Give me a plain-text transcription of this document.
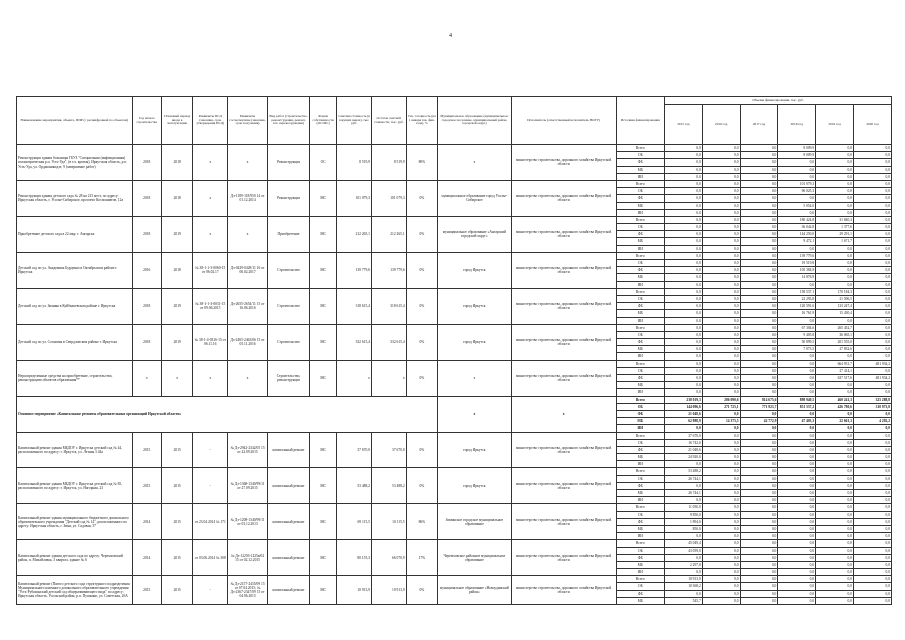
4
Наименование мероприятия, объекта, ПИР (с расшифровкой по объектам)	Год начала строительства	Плановый период ввода в эксплуатацию	Реквизиты ПСД (заказчик, срок утверждения ПСД)	Реквизиты госэкспертизы (заказчик, срок получения)	Вид работ (строительство, реконструкция, ремонт, тех. перевооружение)	Форма собственности (ОС/МС)	Сметная стоимость (в текущих ценах), тыс. руб.	Остаток сметной стоимости, тыс. руб.	Тех. готовность (на 1 января тек. фин. года), %	Муниципальное образование (муниципальное/городское поселение, муниципальный район, городской округ)	Исполнитель (ответственный исполнитель НОГУ)	Источник финансирования	Объемы финансирования, тыс. руб.					
													2015 год	2016 год	2017 год	2018 год	2019 год	2020 год
Реконструкция здания больницы ГБУЗ "Специальная (инфекционная) психиатрическая р.п. Усть-Уда", (в т.ч. кровля), Иркутская область, р.п. Усть-Уда, ул. Орджоникидзе, 9 (завершение работ)	2018	2018	x	x	Реконструкция	ОС	8 519,9	8 519,9	80%	x	министерство строительства, дорожного хозяйства Иркутской области	Всего	0,0	0,0	0,0	8 009,9	0,0	0,0
												ОБ	0,0	0,0	0,0	8 009,9	0,0	0,0
												ФБ	0,0	0,0	0,0	0,0	0,0	0,0
												МБ	0,0	0,0	0,0	0,0	0,0	0,0
												ИИ	0,0	0,0	0,0	0,0	0,0	0,0
Реконструкция здания детского сада № 28 на 215 мест, по адресу: Иркутская область, г. Усолье-Сибирское, проспект Космонавтов, 12а	2018	2018	x	Дз-1189-118/950 14 от 01.12.2014	Реконструкция	МС	101 079,3	101 079,3	0%	муниципальное образование город Усолье-Сибирское	министерство строительства, дорожного хозяйства Иркутской области	Всего	0,0	0,0	0,0	101 079,3	0,0	0,0
												ОБ	0,0	0,0	0,0	96 025,3	0,0	0,0
												ФБ	0,0	0,0	0,0	0,0	0,0	0,0
												МБ	0,0	0,0	0,0	5 054,0	0,0	0,0
												ИИ	0,0	0,0	0,0	0,0	0,0	0,0
Приобретение детского сада в 22 мкр. г. Ангарска	2018	2019	x	x	Приобретение	МС	212 265,1	212 265,1	0%	муниципальное образование «Ангарский городской округ»	министерство строительства, дорожного хозяйства Иркутской области	Всего	0,0	0,0	0,0	180 424,8	31 840,3	0,0
												ОБ	0,0	0,0	0,0	36 042,8	1 377,6	0,0
												ФБ	0,0	0,0	0,0	144 250,0	29 291,1	0,0
												МБ	0,0	0,0	0,0	9 472,1	1 671,7	0,0
												ИИ	0,0	0,0	0,0	0,0	0,0	0,0
Детский сад по ул. Академика Бурденко в Октябрьском районе г. Иркутска	2016	2018	№ 38-1-1-3-0060-15 от 06.02.17	Дз-0429-0428/11 16 от 06.02.2017	Строительство	МС	139 779,6	139 779,6	0%	город Иркутск	министерство строительства, дорожного хозяйства Иркутской области	Всего	0,0	0,0	0,0	139 779,6	0,0	0,0
												ОБ	0,0	0,0	0,0	19 519,8	0,0	0,0
												ФБ	0,0	0,0	0,0	105 384,9	0,0	0,0
												МБ	0,0	0,0	0,0	14 876,9	0,0	0,0
												ИИ	0,0	0,0	0,0	0,0	0,0	0,0
Детский сад по ул. Зимняя в Куйбышевском районе г. Иркутска	2018	2019	№ 38-1-1-3-0031-15 от 09.06.2015	Дз-2655-2654/11 15 от 16.06.2016	Строительство	МС	318 615,4	318 615,4	0%	город Иркутск	министерство строительства, дорожного хозяйства Иркутской области	Всего	0,0	0,0	0,0	158 537,1	170 184,3	0,0
												ОБ	0,0	0,0	0,0	22 293,8	21 506,5	0,0
												ФБ	0,0	0,0	0,0	120 591,6	133 247,4	0,0
												МБ	0,0	0,0	0,0	16 761,9	15 430,4	0,0
												ИИ	0,0	0,0	0,0	0,0	0,0	0,0
Детский сад по ул. Сосновая в Свердловском районе г. Иркутска	2018	2019	№ 38-1-4-0316-15 от 06.11.16	Дз-2465-2463/06 15 от 05.11.2016	Строительство	МС	332 615,4	332 615,4	0%	город Иркутск	министерство строительства, дорожного хозяйства Иркутской области	Всего	0,0	0,0	0,0	67 304,6	265 452,7	0,0
												ОБ	0,0	0,0	0,0	9 405,8	36 065,1	0,0
												ФБ	0,0	0,0	0,0	50 899,5	201 555,0	0,0
												МБ	0,0	0,0	0,0	7 073,5	27 832,6	0,0
												ИИ	0,0	0,0	0,0	0,0	0,0	0,0
Нераспределенные средства на приобретение, строительство, реконструкцию объектов образования**	x	x	x	x	Строительство, реконструкция	МС	x	x	0%	x	министерство строительства, дорожного хозяйства Иркутской области	Всего	0,0	0,0	0,0	0,0	664 931,7	481 934,2
												ОБ	0,0	0,0	0,0	0,0	27 414,1	0,0
												ФБ	0,0	0,0	0,0	0,0	637 517,6	481 934,2
												МБ	0,0	0,0	0,0	0,0	0,0	0,0
												ИИ	0,0	0,0	0,0	0,0	0,0	0,0
Основное мероприятие «Капитальные ремонты образовательных организаций Иркутской области»										x	x	Всего	238 019,3	286 090,6	814 675,6	898 940,5	460 241,3	325 288,8
												ОБ	144 096,6	271 725,1	771 923,7	851 537,2	426 780,6	310 973,8
												ФБ	21 048,6	0,0	0,0	0,0	0,0	0,0
												МБ	62 888,9	14 375,5	42 772,9	47 403,3	22 661,3	4 292,2
												ИИ	0,0	0,0	0,0	0,0	0,0	0,0
Капитальный ремонт здания МБДОУ г. Иркутска детский сад № 44, расположенного по адресу: г. Иркутск, ул. Летная 3 44а	2015	2015	-	№ Дз-2942-2342/05 15 от 22.09.2015	капитальный ремонт	МС	37 670,0	37 670,0	0%	город Иркутск	министерство строительства, дорожного хозяйства Иркутской области	Всего	37 670,0	0,0	0,0	0,0	0,0	0,0
												ОБ	16 742,0	0,0	0,0	0,0	0,0	0,0
												ФБ	21 048,6	0,0	0,0	0,0	0,0	0,0
												МБ	24 920,0	0,0	0,0	0,0	0,0	0,0
												ИИ	0,0	0,0	0,0	0,0	0,0	0,0
Капитальный ремонт здания МБДОУ г. Иркутска детский сад № 85, расположенного по адресу: г. Иркутск, ул. Нагорная, 23	2015	2015	-	№ Дз-1368-1340/99/11 от 27.09.2015	капитальный ремонт	МС	53 488,2	53 488,2	0%	город Иркутск	министерство строительства, дорожного хозяйства Иркутской области	Всего	53 488,2	0,0	0,0	0,0	0,0	0,0
												ОБ	26 744,1	0,0	0,0	0,0	0,0	0,0
												ФБ	0,0	0,0	0,0	0,0	0,0	0,0
												МБ	26 744,1	0,0	0,0	0,0	0,0	0,0
												ИИ	0,0	0,0	0,0	0,0	0,0	0,0
Капитальный ремонт здания муниципального бюджетного дошкольного образовательного учреждения "Детский сад № 14", расположенного по адресу: Иркутская область, г. Зима, ул. Садовая, 57	2014	2015	от 23.04.2014 № 171	№ Дз-1208-1340/99/11 от 03.12.2013	капитальный ремонт	МС	69 115,5	10 115,5	86%	Зиминское городское муниципальное образование	министерство строительства, дорожного хозяйства Иркутской области	Всего	11 050,0	0,0	0,0	0,0	0,0	0,0
												ОБ	9 850,0	0,0	0,0	0,0	0,0	0,0
												ФБ	1 894,6	0,0	0,0	0,0	0,0	0,0
												МБ	850,0	0,0	0,0	0,0	0,0	0,0
												ИИ	0,0	0,0	0,0	0,0	0,0	0,0
Капитальный ремонт здания детского сада по адресу: Черемховский район, п. Михайловка, 3 квартал, здание № 6	2014	2015	от 03.06.2014 № 308	№ Дз-1225б-1225в/02 15 от 02.12.2015	капитальный ремонт	МС	80 155,3	66 070,9	17%	Черемховское районное муниципальное образование	министерство строительства, дорожного хозяйства Иркутской области	Всего	45 049,4	0,0	0,0	0,0	0,0	0,0
												ОБ	43 059,0	0,0	0,0	0,0	0,0	0,0
												ФБ	0,0	0,0	0,0	0,0	0,0	0,0
												МБ	2 297,8	0,0	0,0	0,0	0,0	0,0
												ИИ	0,0	0,0	0,0	0,0	0,0	0,0
Капитальный ремонт (Пятого детского сада структурного подразделения Муниципального казенного дошкольного образовательного учреждения "Усть-Рубахинский детский сад общеразвивающего вида" по адресу: Иркутская область, Усольский район, р.п. Пушкино, ул. Советская, 26А	2015	2015	-	№ Дз-2157-2435/09 15 от 07.04.2015; № Дз-2367-2347/09 15 от 04.06.2015	капитальный ремонт	МС	10 913,9	10 913,9	0%	муниципальное образование «Новоудинский район»	министерство строительства, дорожного хозяйства Иркутской области	Всего	10 913,9	0,0	0,0	0,0	0,0	0,0
												ОБ	10 368,2	0,0	0,0	0,0	0,0	0,0
												ФБ	0,0	0,0	0,0	0,0	0,0	0,0
												МБ	545,7	0,0	0,0	0,0	0,0	0,0
